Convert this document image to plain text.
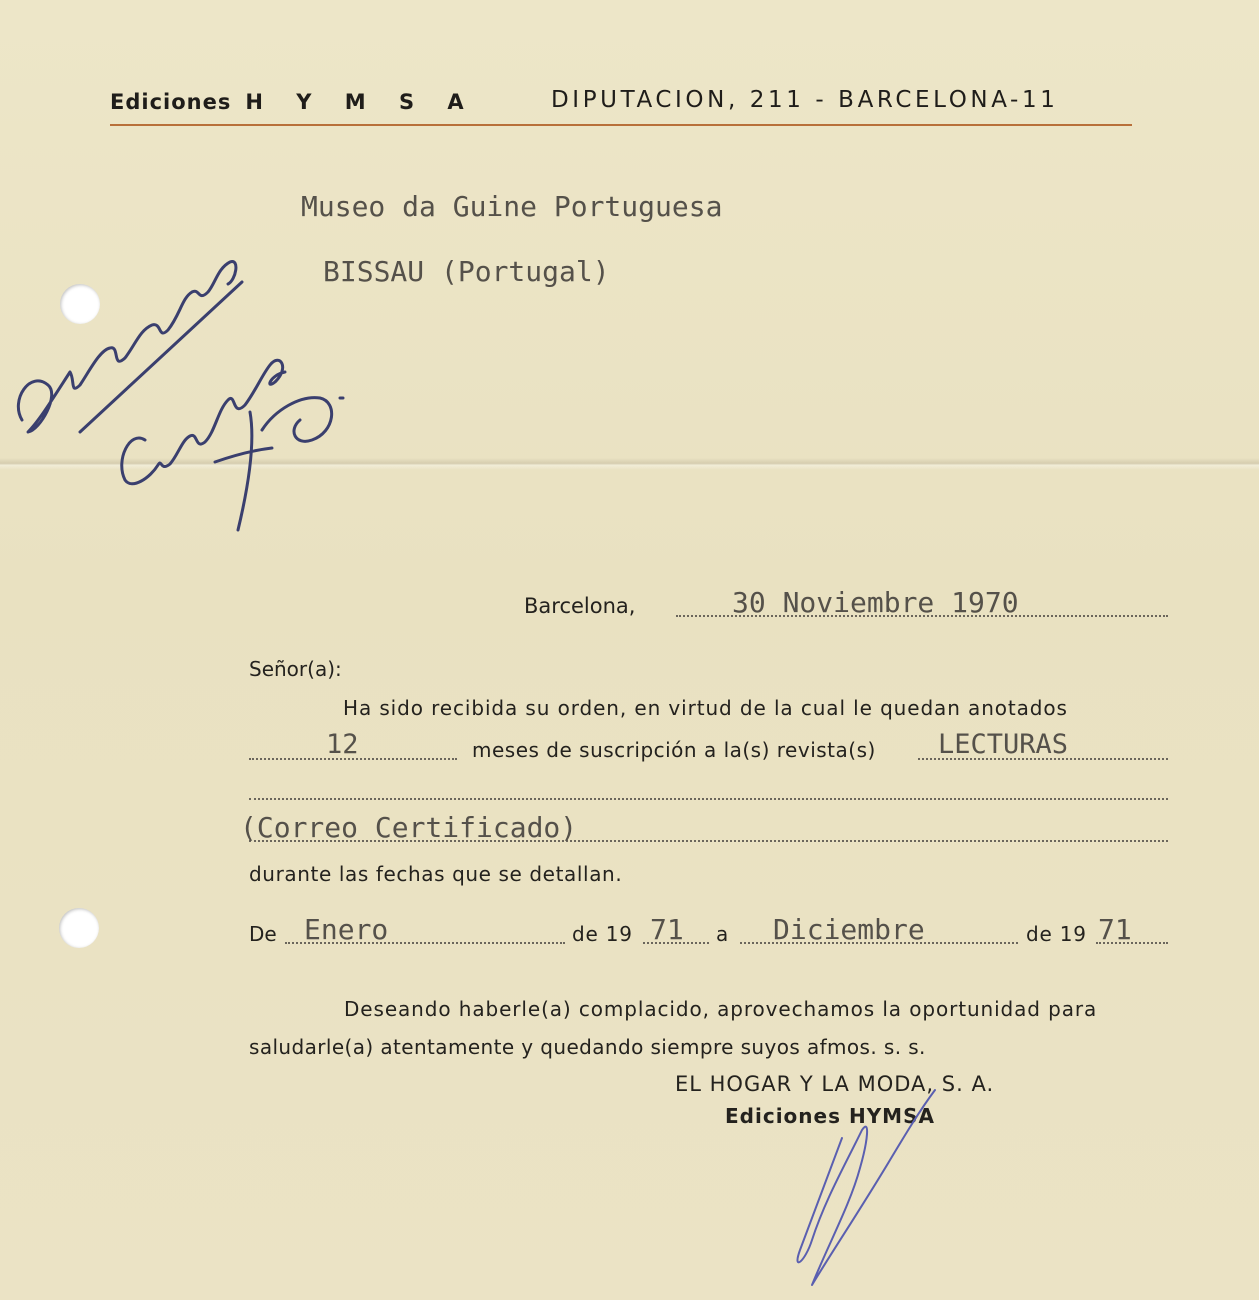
Ediciones H Y M S A	DIPUTACION, 211 - BARCELONA-11
Museo da Guine Portuguesa
BISSAU (Portugal)
Barcelona,	30 Noviembre 1970
Señor(a):
Ha sido recibida su orden, en virtud de la cual le quedan anotados
12	meses de suscripción a la(s) revista(s) LECTURAS
(Correo Certificado)
durante las fechas que se detallan.
De Enero	de 19 71 a Diciembre	de 19 71
Deseando haberle(a) complacido, aprovechamos la oportunidad para
saludarle(a) atentamente y quedando siempre suyos afmos. s. s.
EL HOGAR Y LA MODA, S. A.
Ediciones HYMSA
